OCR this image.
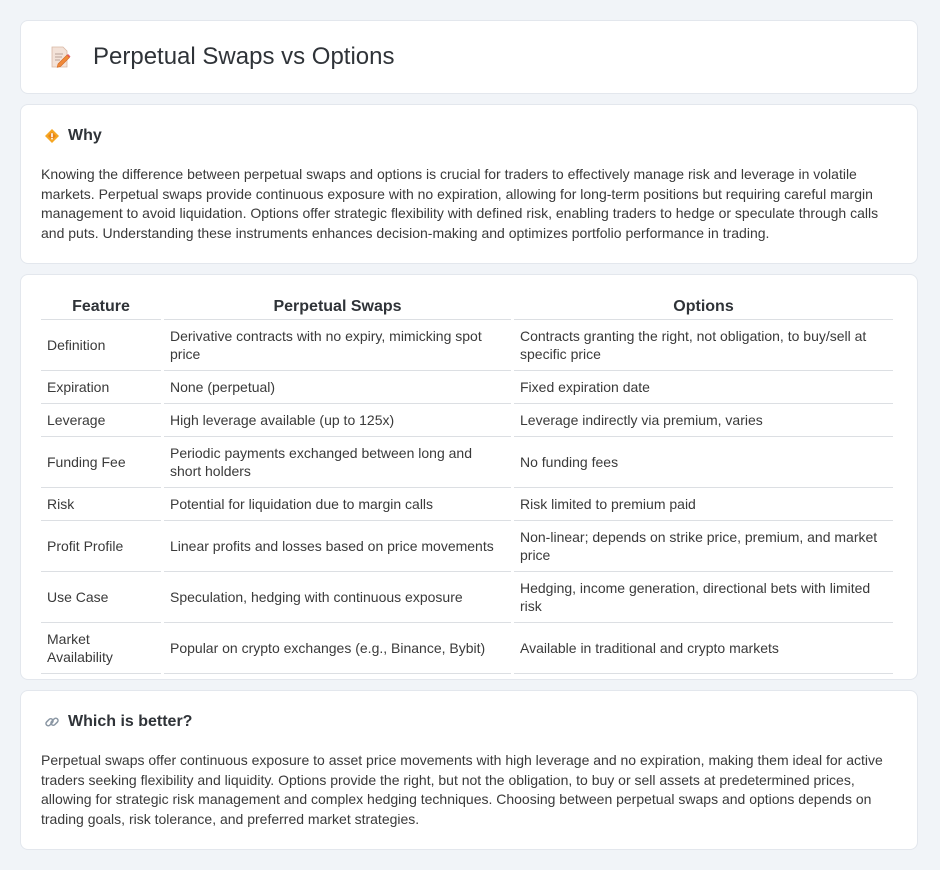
Perpetual Swaps vs Options
Why

Knowing the difference between perpetual swaps and options is crucial for traders to effectively manage risk and leverage in volatile markets. Perpetual swaps provide continuous exposure with no expiration, allowing for long-term positions but requiring careful margin management to avoid liquidation. Options offer strategic flexibility with defined risk, enabling traders to hedge or speculate through calls and puts. Understanding these instruments enhances decision-making and optimizes portfolio performance in trading.

Feature	Perpetual Swaps	Options
Definition	Derivative contracts with no expiry, mimicking spot price	Contracts granting the right, not obligation, to buy/sell at specific price
Expiration	None (perpetual)	Fixed expiration date
Leverage	High leverage available (up to 125x)	Leverage indirectly via premium, varies
Funding Fee	Periodic payments exchanged between long and short holders	No funding fees
Risk	Potential for liquidation due to margin calls	Risk limited to premium paid
Profit Profile	Linear profits and losses based on price movements	Non-linear; depends on strike price, premium, and market price
Use Case	Speculation, hedging with continuous exposure	Hedging, income generation, directional bets with limited risk
Market Availability	Popular on crypto exchanges (e.g., Binance, Bybit)	Available in traditional and crypto markets
Which is better?

Perpetual swaps offer continuous exposure to asset price movements with high leverage and no expiration, making them ideal for active traders seeking flexibility and liquidity. Options provide the right, but not the obligation, to buy or sell assets at predetermined prices, allowing for strategic risk management and complex hedging techniques. Choosing between perpetual swaps and options depends on trading goals, risk tolerance, and preferred market strategies.
